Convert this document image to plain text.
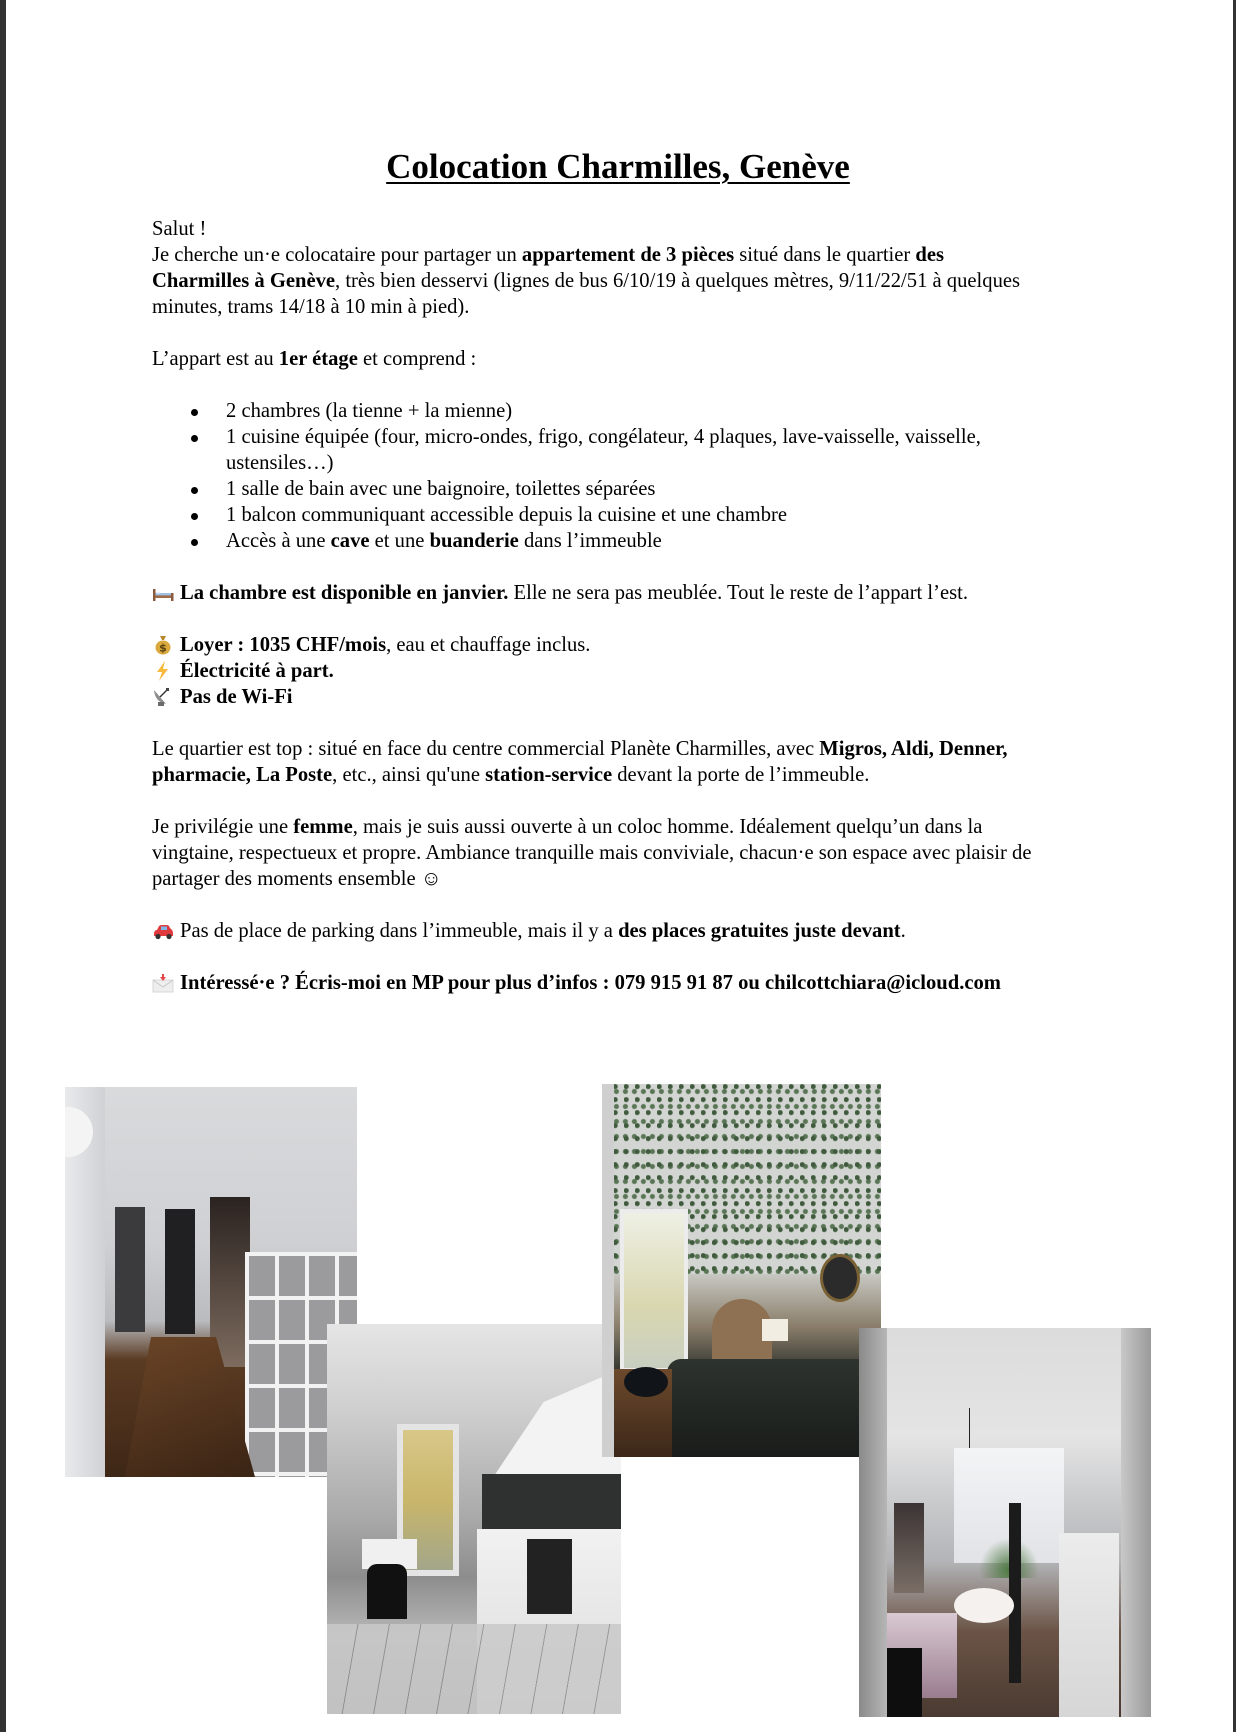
Colocation Charmilles, Genève

Salut !

Je cherche un·e colocataire pour partager un appartement de 3 pièces situé dans le quartier des Charmilles à Genève, très bien desservi (lignes de bus 6/10/19 à quelques mètres, 9/11/22/51 à quelques minutes, trams 14/18 à 10 min à pied).

L’appart est au 1er étage et comprend :

2 chambres (la tienne + la mienne)
1 cuisine équipée (four, micro-ondes, frigo, congélateur, 4 plaques, lave-vaisselle, vaisselle, ustensiles…)
1 salle de bain avec une baignoire, toilettes séparées
1 balcon communiquant accessible depuis la cuisine et une chambre
Accès à une cave et une buanderie dans l’immeuble

La chambre est disponible en janvier. Elle ne sera pas meublée. Tout le reste de l’appart l’est.

$ Loyer : 1035 CHF/mois, eau et chauffage inclus.

Électricité à part.

Pas de Wi-Fi

Le quartier est top : situé en face du centre commercial Planète Charmilles, avec Migros, Aldi, Denner, pharmacie, La Poste, etc., ainsi qu'une station-service devant la porte de l’immeuble.

Je privilégie une femme, mais je suis aussi ouverte à un coloc homme. Idéalement quelqu’un dans la vingtaine, respectueux et propre. Ambiance tranquille mais conviviale, chacun·e son espace avec plaisir de partager des moments ensemble ☺

Pas de place de parking dans l’immeuble, mais il y a des places gratuites juste devant.

Intéressé·e ? Écris-moi en MP pour plus d’infos : 079 915 91 87 ou chilcottchiara@icloud.com
